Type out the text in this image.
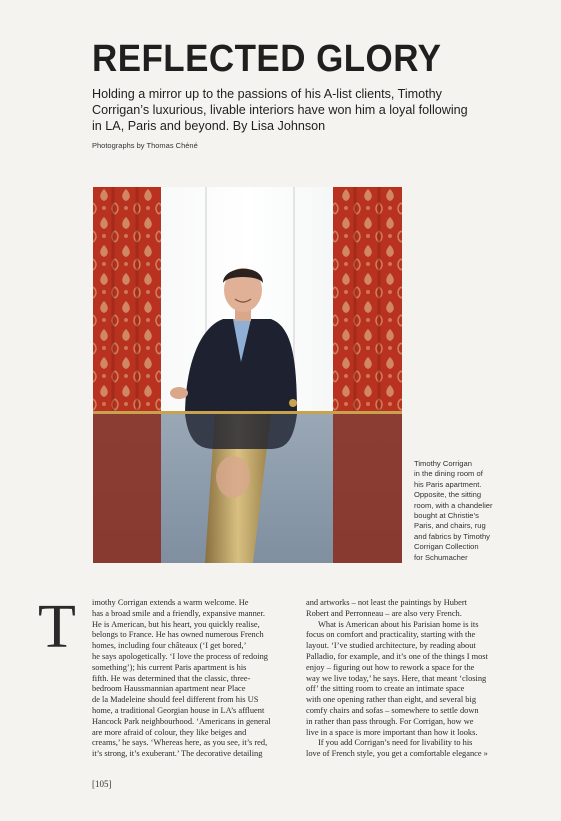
REFLECTED GLORY
Holding a mirror up to the passions of his A-list clients, Timothy Corrigan’s luxurious, livable interiors have won him a loyal following in LA, Paris and beyond. By Lisa Johnson
Photographs by Thomas Chéné
Timothy Corrigan
in the dining room of
his Paris apartment.
Opposite, the sitting
room, with a chandelier
bought at Christie’s
Paris, and chairs, rug
and fabrics by Timothy
Corrigan Collection
for Schumacher
T imothy Corrigan extends a warm welcome. He
has a broad smile and a friendly, expansive manner.
He is American, but his heart, you quickly realise,
belongs to France. He has owned numerous French
homes, including four châteaux (‘I get bored,’
he says apologetically. ‘I love the process of redoing
something’); his current Paris apartment is his
fifth. He was determined that the classic, three-
bedroom Haussmannian apartment near Place
de la Madeleine should feel different from his US
home, a traditional Georgian house in LA’s affluent
Hancock Park neighbourhood. ‘Americans in general
are more afraid of colour, they like beiges and
creams,’ he says. ‘Whereas here, as you see, it’s red,
it’s strong, it’s exuberant.’ The decorative detailing
and artworks – not least the paintings by Hubert
Robert and Perronneau – are also very French.
What is American about his Parisian home is its
focus on comfort and practicality, starting with the
layout. ‘I’ve studied architecture, by reading about
Palladio, for example, and it’s one of the things I most
enjoy – figuring out how to rework a space for the
way we live today,’ he says. Here, that meant ‘closing
off’ the sitting room to create an intimate space
with one opening rather than eight, and several big
comfy chairs and sofas – somewhere to settle down
in rather than pass through. For Corrigan, how we
live in a space is more important than how it looks.
If you add Corrigan’s need for livability to his
love of French style, you get a comfortable elegance »
[105]
